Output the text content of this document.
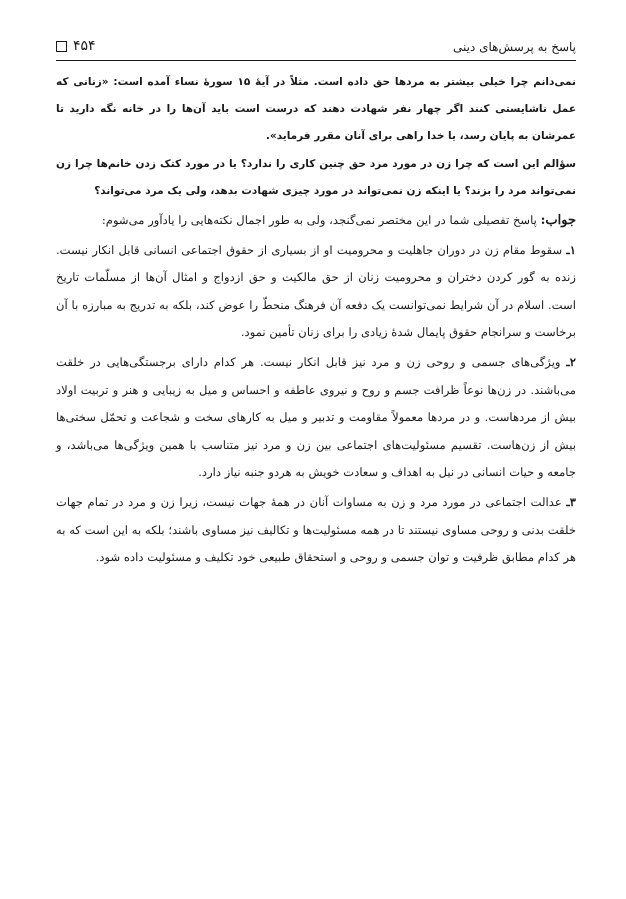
پاسخ به پرسش‌های دینی
۴۵۴

نمی‌دانم چرا خیلی بیشتر به مردها حق داده است. مثلاً در آیهٔ ۱۵ سورهٔ نساء آمده است: «زنانی که عمل ناشایستی کنند اگر چهار نفر شهادت دهند که درست است باید آن‌ها را در خانه نگه دارید تا عمرشان به پایان رسد، یا خدا راهی برای آنان مقرر فرماید».

سؤالم این است که چرا زن در مورد مرد حق چنین کاری را ندارد؟ یا در مورد کتک زدن خانم‌ها چرا زن نمی‌تواند مرد را بزند؟ یا اینکه زن نمی‌تواند در مورد چیزی شهادت بدهد، ولی یک مرد می‌تواند؟

جواب: پاسخ تفصیلی شما در این مختصر نمی‌گنجد، ولی به طور اجمال نکته‌هایی را یادآور می‌شوم:

۱ـ سقوط مقام زن در دوران جاهلیت و محرومیت او از بسیاری از حقوق اجتماعی انسانی قابل انکار نیست. زنده به گور کردن دختران و محرومیت زنان از حق مالکیت و حق ازدواج و امثال آن‌ها از مسلّمات تاریخ است. اسلام در آن شرایط نمی‌توانست یک دفعه آن فرهنگ منحطّ را عوض کند، بلکه به تدریج به مبارزه با آن برخاست و سرانجام حقوق پایمال شدهٔ زیادی را برای زنان تأمین نمود.

۲ـ ویژگی‌های جسمی و روحی زن و مرد نیز قابل انکار نیست. هر کدام دارای برجستگی‌هایی در خلقت می‌باشند. در زن‌ها نوعاً ظرافت جسم و روح و نیروی عاطفه و احساس و میل به زیبایی و هنر و تربیت اولاد بیش از مردهاست. و در مردها معمولاً مقاومت و تدبیر و میل به کارهای سخت و شجاعت و تحمّل سختی‌ها بیش از زن‌هاست. تقسیم مسئولیت‌های اجتماعی بین زن و مرد نیز متناسب با همین ویژگی‌ها می‌باشد، و جامعه و حیات انسانی در نیل به اهداف و سعادت خویش به هردو جنبه نیاز دارد.

۳ـ عدالت اجتماعی در مورد مرد و زن به مساوات آنان در همهٔ جهات نیست، زیرا زن و مرد در تمام جهات خلقت بدنی و روحی مساوی نیستند تا در همه مسئولیت‌ها و تکالیف نیز مساوی باشند؛ بلکه به این است که به هر کدام مطابق ظرفیت و توان جسمی و روحی و استحقاق طبیعی خود تکلیف و مسئولیت داده شود.
